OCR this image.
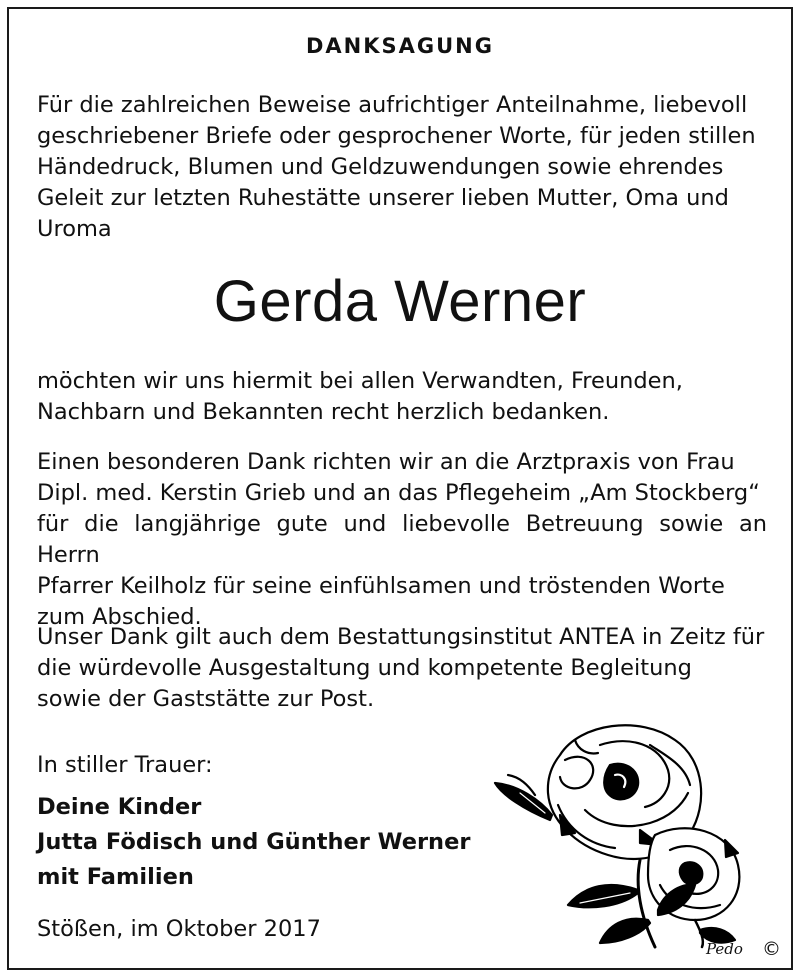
DANKSAGUNG

Für die zahlreichen Beweise aufrichtiger Anteilnahme, liebevoll
geschriebener Briefe oder gesprochener Worte, für jeden stillen
Händedruck, Blumen und Geldzuwendungen sowie ehrendes
Geleit zur letzten Ruhestätte unserer lieben Mutter, Oma und
Uroma

Gerda Werner

möchten wir uns hiermit bei allen Verwandten, Freunden,
Nachbarn und Bekannten recht herzlich bedanken.

Einen besonderen Dank richten wir an die Arztpraxis von Frau
Dipl. med. Kerstin Grieb und an das Pflegeheim „Am Stockberg“
für die langjährige gute und liebevolle Betreuung sowie an Herrn
Pfarrer Keilholz für seine einfühlsamen und tröstenden Worte
zum Abschied.

Unser Dank gilt auch dem Bestattungsinstitut ANTEA in Zeitz für
die würdevolle Ausgestaltung und kompetente Begleitung
sowie der Gaststätte zur Post.

In stiller Trauer:
Deine Kinder
Jutta Födisch und Günther Werner
mit Familien
Stößen, im Oktober 2017
Pedo ©
